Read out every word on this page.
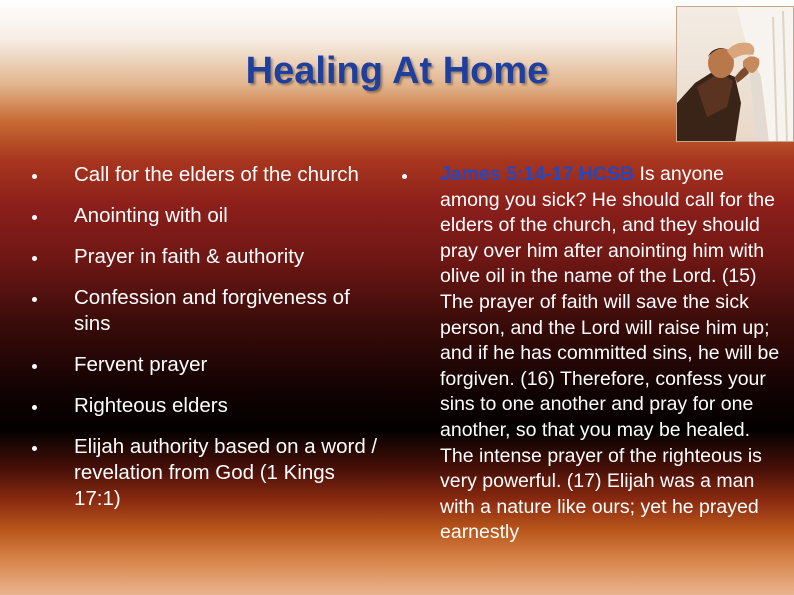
Healing At Home
Call for the elders of the church
Anointing with oil
Prayer in faith & authority
Confession and forgiveness of sins
Fervent prayer
Righteous elders
Elijah authority based on a word / revelation from God (1 Kings 17:1)

James 5:14-17 HCSB Is anyone among you sick? He should call for the elders of the church, and they should pray over him after anointing him with olive oil in the name of the Lord. (15) The prayer of faith will save the sick person, and the Lord will raise him up; and if he has committed sins, he will be forgiven. (16) Therefore, confess your sins to one another and pray for one another, so that you may be healed. The intense prayer of the righteous is very powerful. (17) Elijah was a man with a nature like ours; yet he prayed earnestly
